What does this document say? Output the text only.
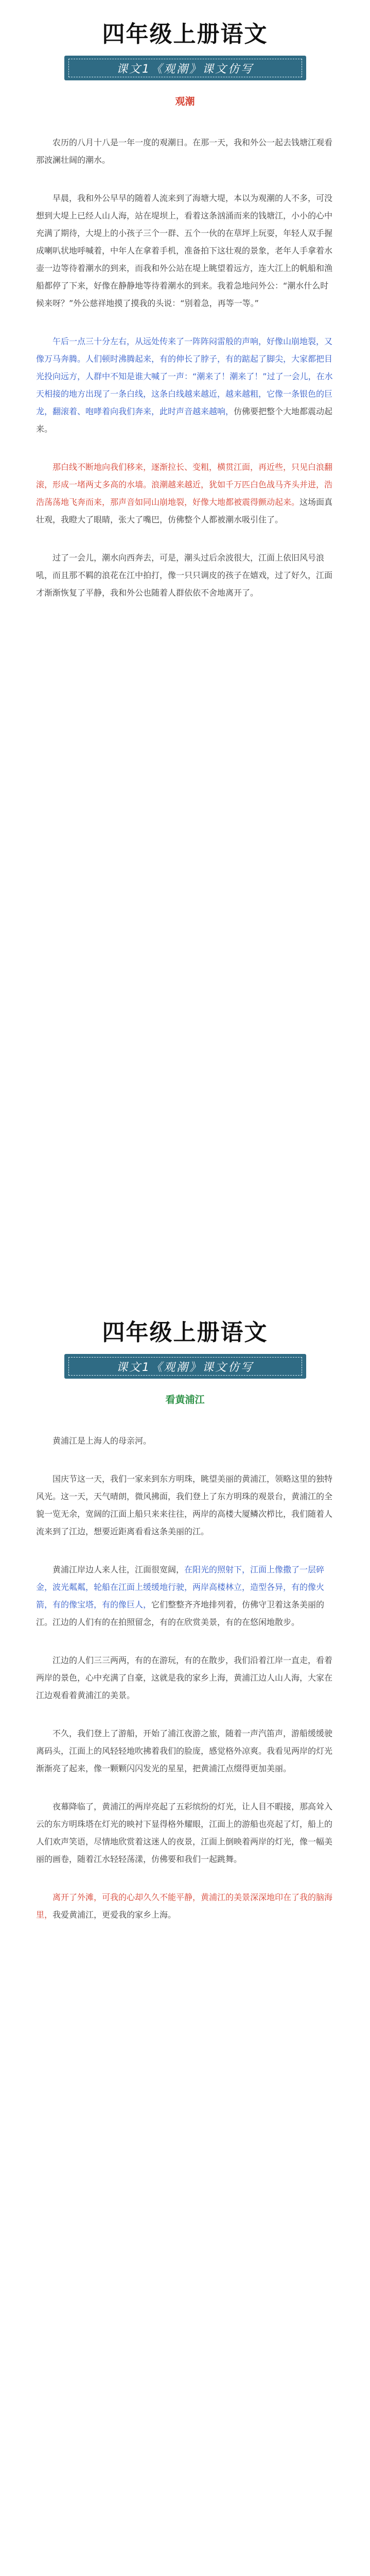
四年级上册语文
课文1《观潮》课文仿写
观潮

农历的八月十八是一年一度的观潮日。在那一天，我和外公一起去钱塘江观看那波澜壮阔的潮水。

早晨，我和外公早早的随着人流来到了海塘大堤，本以为观潮的人不多，可没想到大堤上已经人山人海，站在堤坝上，看着这条汹涌而来的钱塘江，小小的心中充满了期待，大堤上的小孩子三个一群、五个一伙的在草坪上玩耍，年轻人双手握成喇叭状地呼喊着，中年人在拿着手机，准备拍下这壮观的景象，老年人手拿着水壶一边等待着潮水的到来，而我和外公站在堤上眺望着远方，连大江上的帆船和渔船都停了下来，好像在静静地等待着潮水的到来。我着急地问外公：“潮水什么时候来呀？”外公慈祥地摸了摸我的头说：“别着急，再等一等。”

午后一点三十分左右，从远处传来了一阵阵闷雷般的声响，好像山崩地裂，又像万马奔腾。人们顿时沸腾起来，有的伸长了脖子，有的踮起了脚尖，大家都把目光投向远方，人群中不知是谁大喊了一声：“潮来了！潮来了！”过了一会儿，在水天相接的地方出现了一条白线，这条白线越来越近，越来越粗，它像一条银色的巨龙，翻滚着、咆哮着向我们奔来，此时声音越来越响，仿佛要把整个大地都震动起来。

那白线不断地向我们移来，逐渐拉长、变粗，横贯江面，再近些，只见白浪翻滚，形成一堵两丈多高的水墙。浪潮越来越近，犹如千万匹白色战马齐头并进，浩浩荡荡地飞奔而来，那声音如同山崩地裂，好像大地都被震得颤动起来。这场面真壮观，我瞪大了眼睛，张大了嘴巴，仿佛整个人都被潮水吸引住了。

过了一会儿，潮水向西奔去，可是，潮头过后余波很大，江面上依旧风号浪吼，而且那不羁的浪花在江中拍打，像一只只调皮的孩子在嬉戏，过了好久，江面才渐渐恢复了平静，我和外公也随着人群依依不舍地离开了。

四年级上册语文
课文1《观潮》课文仿写
看黄浦江

黄浦江是上海人的母亲河。

国庆节这一天，我们一家来到东方明珠，眺望美丽的黄浦江，领略这里的独特风光。这一天，天气晴朗，微风拂面，我们登上了东方明珠的观景台，黄浦江的全貌一览无余，宽阔的江面上船只来来往往，两岸的高楼大厦鳞次栉比，我们随着人流来到了江边，想要近距离看看这条美丽的江。

黄浦江岸边人来人往，江面很宽阔，在阳光的照射下，江面上像撒了一层碎金，波光粼粼，轮船在江面上缓缓地行驶，两岸高楼林立，造型各异，有的像火箭，有的像宝塔，有的像巨人，它们整整齐齐地排列着，仿佛守卫着这条美丽的江。江边的人们有的在拍照留念，有的在欣赏美景，有的在悠闲地散步。

江边的人们三三两两，有的在游玩，有的在散步，我们沿着江岸一直走，看着两岸的景色，心中充满了自豪，这就是我的家乡上海，黄浦江边人山人海，大家在江边观看着黄浦江的美景。

不久，我们登上了游船，开始了浦江夜游之旅，随着一声汽笛声，游船缓缓驶离码头，江面上的风轻轻地吹拂着我们的脸庞，感觉格外凉爽。我看见两岸的灯光渐渐亮了起来，像一颗颗闪闪发光的星星，把黄浦江点缀得更加美丽。

夜幕降临了，黄浦江的两岸亮起了五彩缤纷的灯光，让人目不暇接，那高耸入云的东方明珠塔在灯光的映衬下显得格外耀眼，江面上的游船也亮起了灯，船上的人们欢声笑语，尽情地欣赏着这迷人的夜景，江面上倒映着两岸的灯光，像一幅美丽的画卷，随着江水轻轻荡漾，仿佛要和我们一起跳舞。

离开了外滩，可我的心却久久不能平静，黄浦江的美景深深地印在了我的脑海里，我爱黄浦江，更爱我的家乡上海。
